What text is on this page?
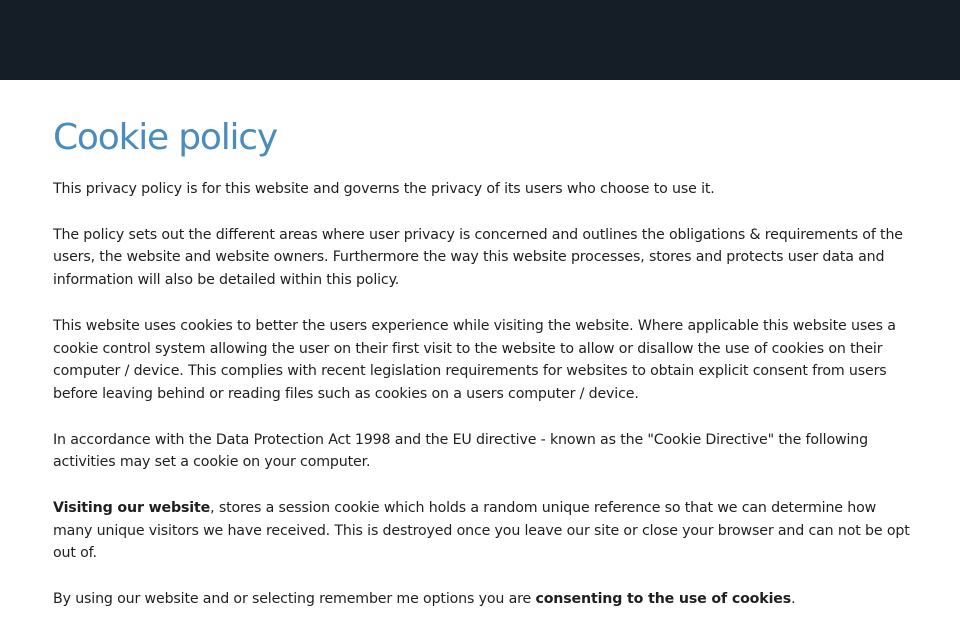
Cookie policy

This privacy policy is for this website and governs the privacy of its users who choose to use it.

The policy sets out the different areas where user privacy is concerned and outlines the obligations & requirements of the users, the website and website owners. Furthermore the way this website processes, stores and protects user data and information will also be detailed within this policy.

This website uses cookies to better the users experience while visiting the website. Where applicable this website uses a cookie control system allowing the user on their first visit to the website to allow or disallow the use of cookies on their computer / device. This complies with recent legislation requirements for websites to obtain explicit consent from users before leaving behind or reading files such as cookies on a users computer / device.

In accordance with the Data Protection Act 1998 and the EU directive - known as the "Cookie Directive" the following activities may set a cookie on your computer.

Visiting our website, stores a session cookie which holds a random unique reference so that we can determine how many unique visitors we have received. This is destroyed once you leave our site or close your browser and can not be opt out of.

By using our website and or selecting remember me options you are consenting to the use of cookies.
